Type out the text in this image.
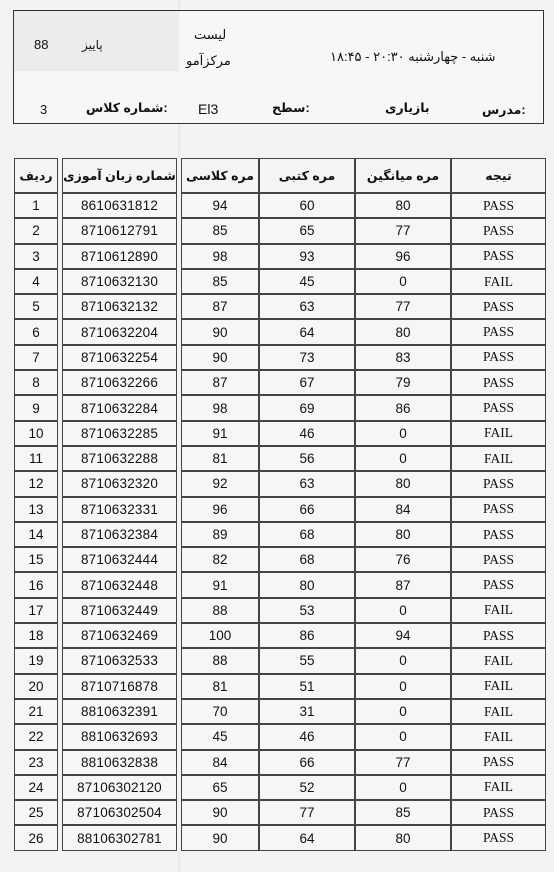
88	پاییز
لیست
مرکزآمو	شنبه - چهارشنبه ۲۰:۳۰ - ۱۸:۴۵
3	شماره کلاس: El3	سطح:	بازیاری	مدرس:
ردیف		شماره زبان آموزی		مره کلاسی	مره کتبی	مره میانگین	تیجه
1		8610631812		94	60	80	PASS
2		8710612791		85	65	77	PASS
3		8710612890		98	93	96	PASS
4		8710632130		85	45	0	FAIL
5		8710632132		87	63	77	PASS
6		8710632204		90	64	80	PASS
7		8710632254		90	73	83	PASS
8		8710632266		87	67	79	PASS
9		8710632284		98	69	86	PASS
10		8710632285		91	46	0	FAIL
11		8710632288		81	56	0	FAIL
12		8710632320		92	63	80	PASS
13		8710632331		96	66	84	PASS
14		8710632384		89	68	80	PASS
15		8710632444		82	68	76	PASS
16		8710632448		91	80	87	PASS
17		8710632449		88	53	0	FAIL
18		8710632469		100	86	94	PASS
19		8710632533		88	55	0	FAIL
20		8710716878		81	51	0	FAIL
21		8810632391		70	31	0	FAIL
22		8810632693		45	46	0	FAIL
23		8810632838		84	66	77	PASS
24		87106302120		65	52	0	FAIL
25		87106302504		90	77	85	PASS
26		88106302781		90	64	80	PASS
